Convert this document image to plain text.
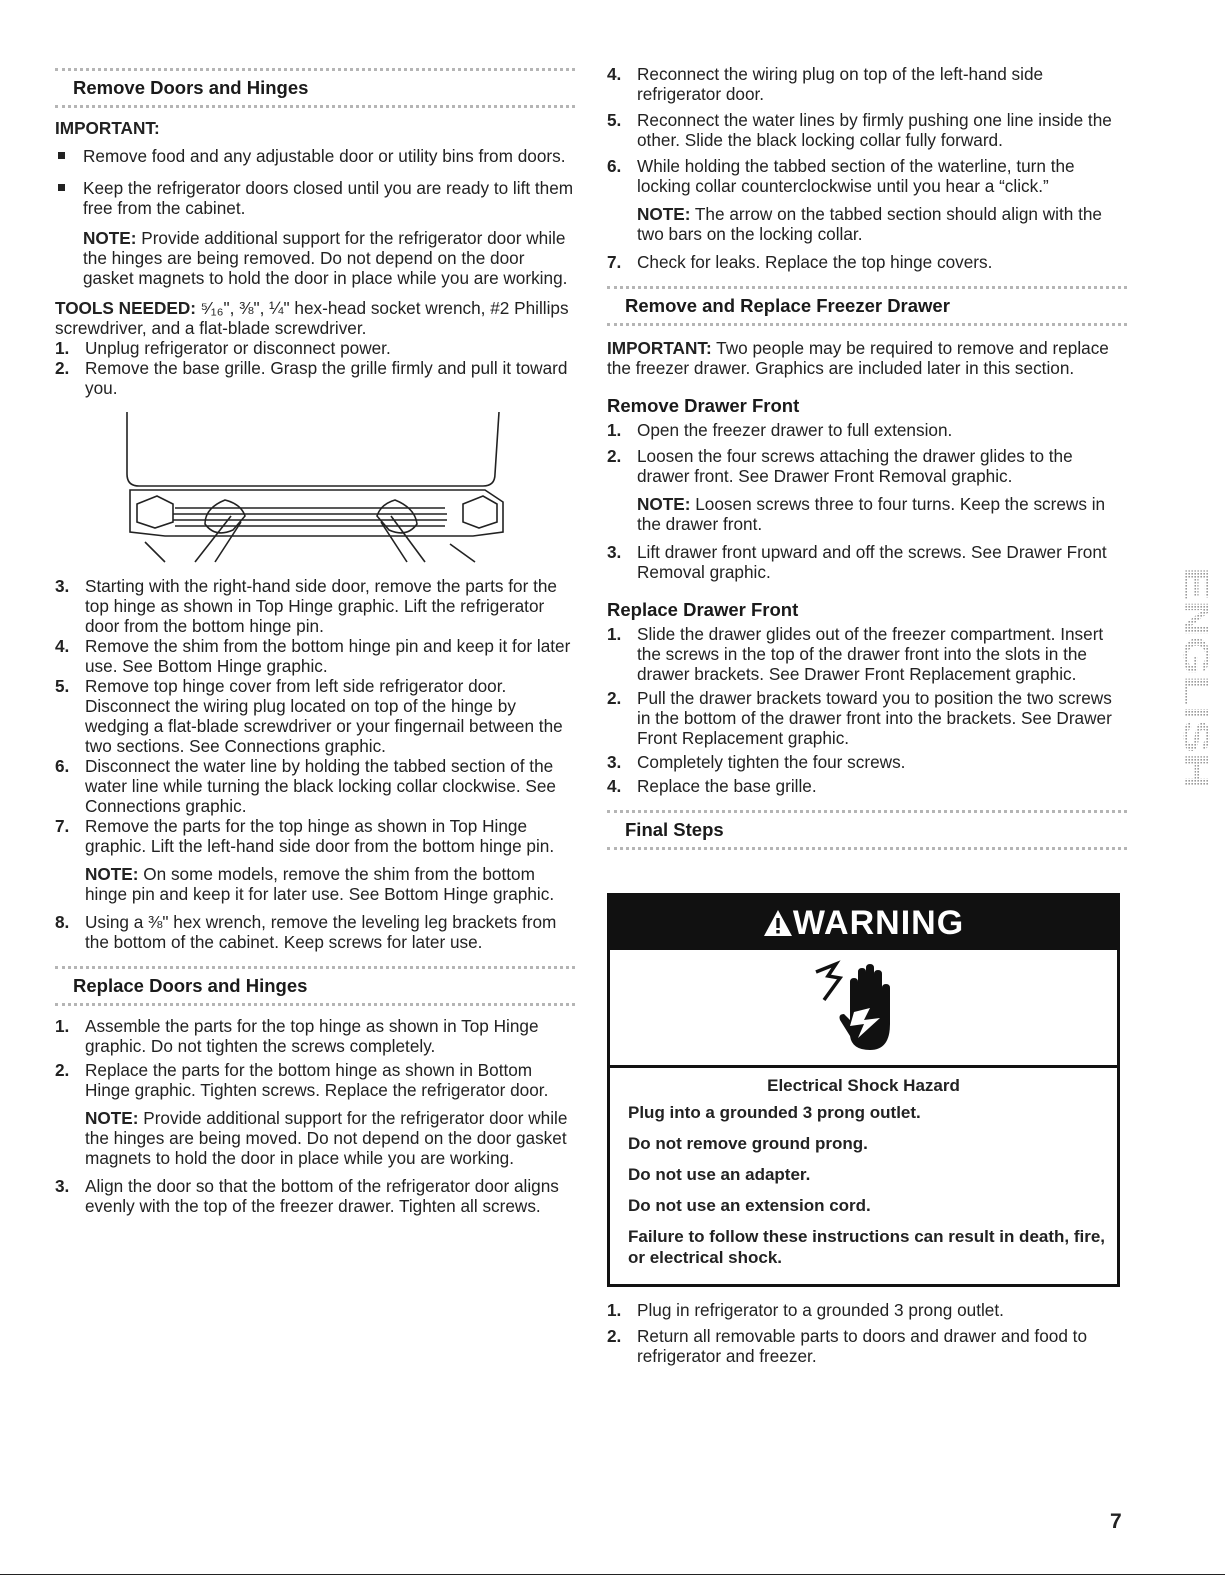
Remove Doors and Hinges
IMPORTANT:
Remove food and any adjustable door or utility bins from doors.
Keep the refrigerator doors closed until you are ready to lift them free from the cabinet.

NOTE: Provide additional support for the refrigerator door while the hinges are being removed. Do not depend on the door gasket magnets to hold the door in place while you are working.

TOOLS NEEDED: ⁵⁄₁₆", ⅜", ¼" hex-head socket wrench, #2 Phillips screwdriver, and a flat-blade screwdriver.

1. Unplug refrigerator or disconnect power.
2. Remove the base grille. Grasp the grille firmly and pull it toward you.
3. Starting with the right-hand side door, remove the parts for the top hinge as shown in Top Hinge graphic. Lift the refrigerator door from the bottom hinge pin.
4. Remove the shim from the bottom hinge pin and keep it for later use. See Bottom Hinge graphic.
5. Remove top hinge cover from left side refrigerator door. Disconnect the wiring plug located on top of the hinge by wedging a flat-blade screwdriver or your fingernail between the two sections. See Connections graphic.
6. Disconnect the water line by holding the tabbed section of the water line while turning the black locking collar clockwise. See Connections graphic.
7. Remove the parts for the top hinge as shown in Top Hinge graphic. Lift the left-hand side door from the bottom hinge pin.

NOTE: On some models, remove the shim from the bottom hinge pin and keep it for later use. See Bottom Hinge graphic.

8. Using a ⅜" hex wrench, remove the leveling leg brackets from the bottom of the cabinet. Keep screws for later use.
Replace Doors and Hinges
1. Assemble the parts for the top hinge as shown in Top Hinge graphic. Do not tighten the screws completely.
2. Replace the parts for the bottom hinge as shown in Bottom Hinge graphic. Tighten screws. Replace the refrigerator door.

NOTE: Provide additional support for the refrigerator door while the hinges are being moved. Do not depend on the door gasket magnets to hold the door in place while you are working.

3. Align the door so that the bottom of the refrigerator door aligns evenly with the top of the freezer drawer. Tighten all screws.
4. Reconnect the wiring plug on top of the left-hand side refrigerator door.
5. Reconnect the water lines by firmly pushing one line inside the other. Slide the black locking collar fully forward.
6. While holding the tabbed section of the waterline, turn the locking collar counterclockwise until you hear a “click.”

NOTE: The arrow on the tabbed section should align with the two bars on the locking collar.

7. Check for leaks. Replace the top hinge covers.
Remove and Replace Freezer Drawer

IMPORTANT: Two people may be required to remove and replace the freezer drawer. Graphics are included later in this section.

Remove Drawer Front
1. Open the freezer drawer to full extension.
2. Loosen the four screws attaching the drawer glides to the drawer front. See Drawer Front Removal graphic.

NOTE: Loosen screws three to four turns. Keep the screws in the drawer front.

3. Lift drawer front upward and off the screws. See Drawer Front Removal graphic.
Replace Drawer Front
1. Slide the drawer glides out of the freezer compartment. Insert the screws in the top of the drawer front into the slots in the drawer brackets. See Drawer Front Replacement graphic.
2. Pull the drawer brackets toward you to position the two screws in the bottom of the drawer front into the brackets. See Drawer Front Replacement graphic.
3. Completely tighten the four screws.
4. Replace the base grille.
Final Steps
WARNING
Electrical Shock Hazard
Plug into a grounded 3 prong outlet.
Do not remove ground prong.
Do not use an adapter.
Do not use an extension cord.
Failure to follow these instructions can result in death, fire, or electrical shock.
1. Plug in refrigerator to a grounded 3 prong outlet.
2. Return all removable parts to doors and drawer and food to refrigerator and freezer.
ENGLISH
7
